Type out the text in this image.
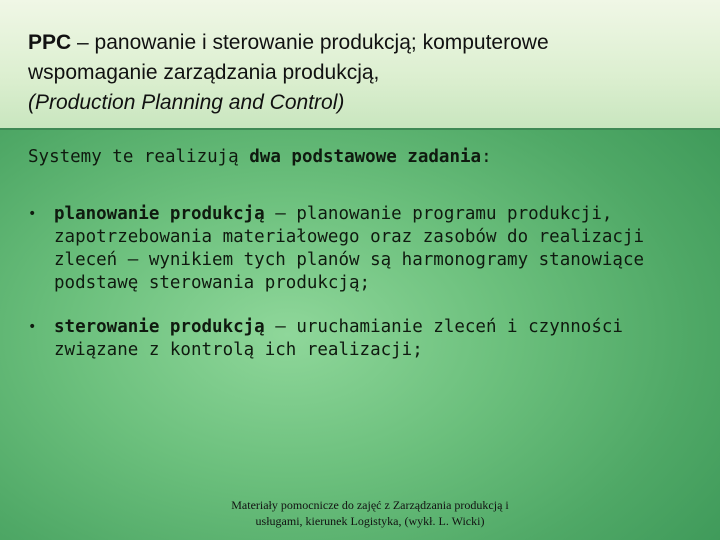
PPC – panowanie i sterowanie produkcją; komputerowe
wspomaganie zarządzania produkcją,
(Production Planning and Control)
Systemy te realizują dwa podstawowe zadania:
• planowanie produkcją – planowanie programu produkcji, zapotrzebowania materiałowego oraz zasobów do realizacji zleceń – wynikiem tych planów są harmonogramy stanowiące podstawę sterowania produkcją;
• sterowanie produkcją – uruchamianie zleceń i czynności związane z kontrolą ich realizacji;
Materiały pomocnicze do zajęć z Zarządzania produkcją i
usługami, kierunek Logistyka, (wykł. L. Wicki)
